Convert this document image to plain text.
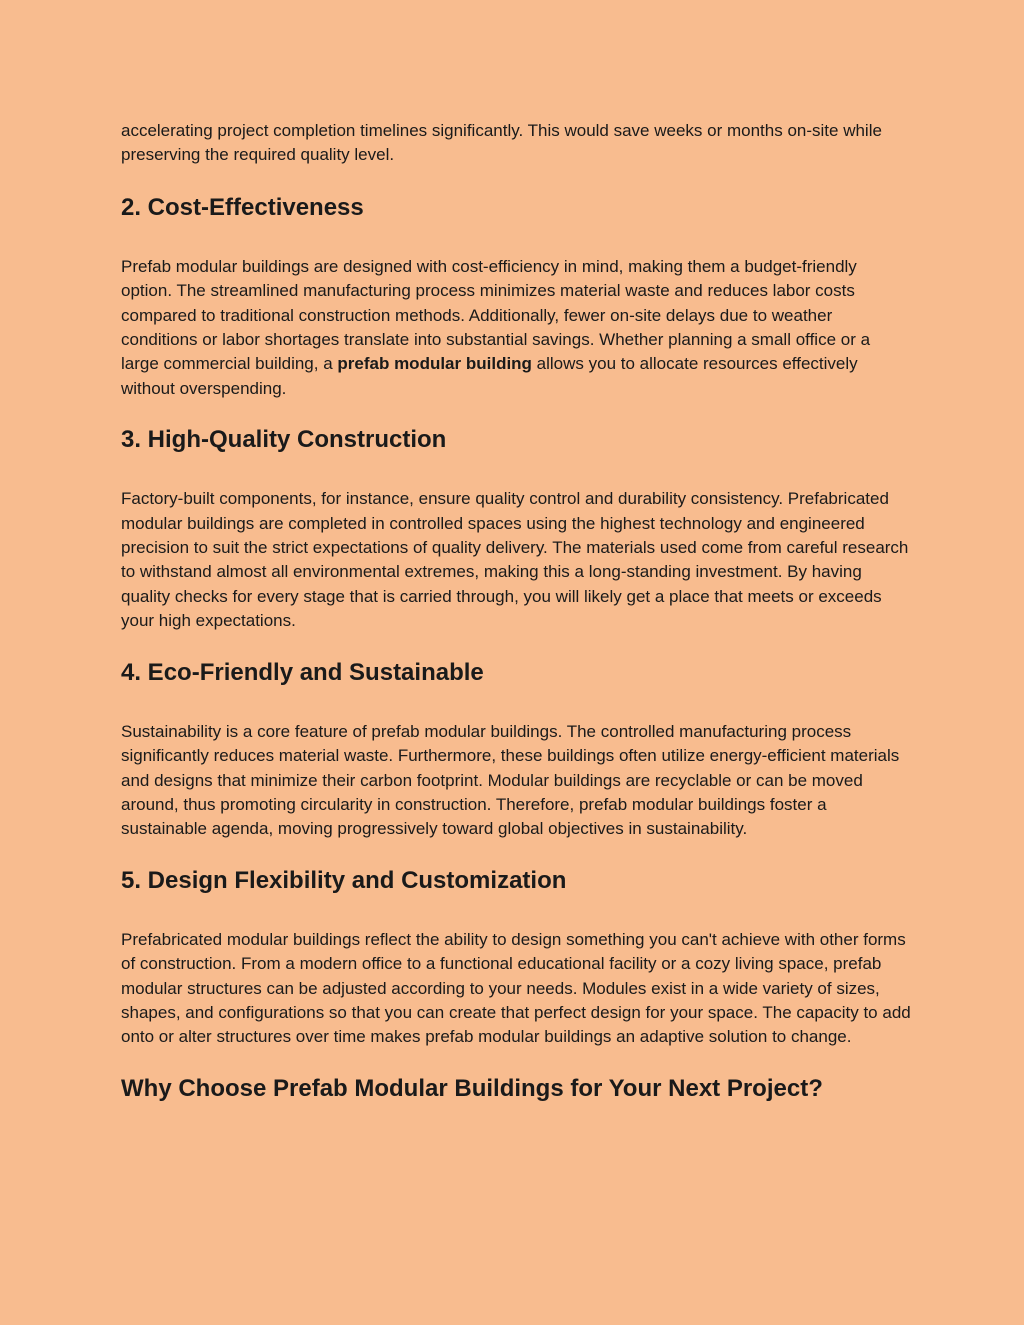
accelerating project completion timelines significantly. This would save weeks or months on-site while preserving the required quality level.

2. Cost-Effectiveness

Prefab modular buildings are designed with cost-efficiency in mind, making them a budget-friendly option. The streamlined manufacturing process minimizes material waste and reduces labor costs compared to traditional construction methods. Additionally, fewer on-site delays due to weather conditions or labor shortages translate into substantial savings. Whether planning a small office or a large commercial building, a prefab modular building allows you to allocate resources effectively without overspending.

3. High-Quality Construction

Factory-built components, for instance, ensure quality control and durability consistency. Prefabricated modular buildings are completed in controlled spaces using the highest technology and engineered precision to suit the strict expectations of quality delivery. The materials used come from careful research to withstand almost all environmental extremes, making this a long-standing investment. By having quality checks for every stage that is carried through, you will likely get a place that meets or exceeds your high expectations.

4. Eco-Friendly and Sustainable

Sustainability is a core feature of prefab modular buildings. The controlled manufacturing process significantly reduces material waste. Furthermore, these buildings often utilize energy-efficient materials and designs that minimize their carbon footprint. Modular buildings are recyclable or can be moved around, thus promoting circularity in construction. Therefore, prefab modular buildings foster a sustainable agenda, moving progressively toward global objectives in sustainability.

5. Design Flexibility and Customization

Prefabricated modular buildings reflect the ability to design something you can't achieve with other forms of construction. From a modern office to a functional educational facility or a cozy living space, prefab modular structures can be adjusted according to your needs. Modules exist in a wide variety of sizes, shapes, and configurations so that you can create that perfect design for your space. The capacity to add onto or alter structures over time makes prefab modular buildings an adaptive solution to change.

Why Choose Prefab Modular Buildings for Your Next Project?
